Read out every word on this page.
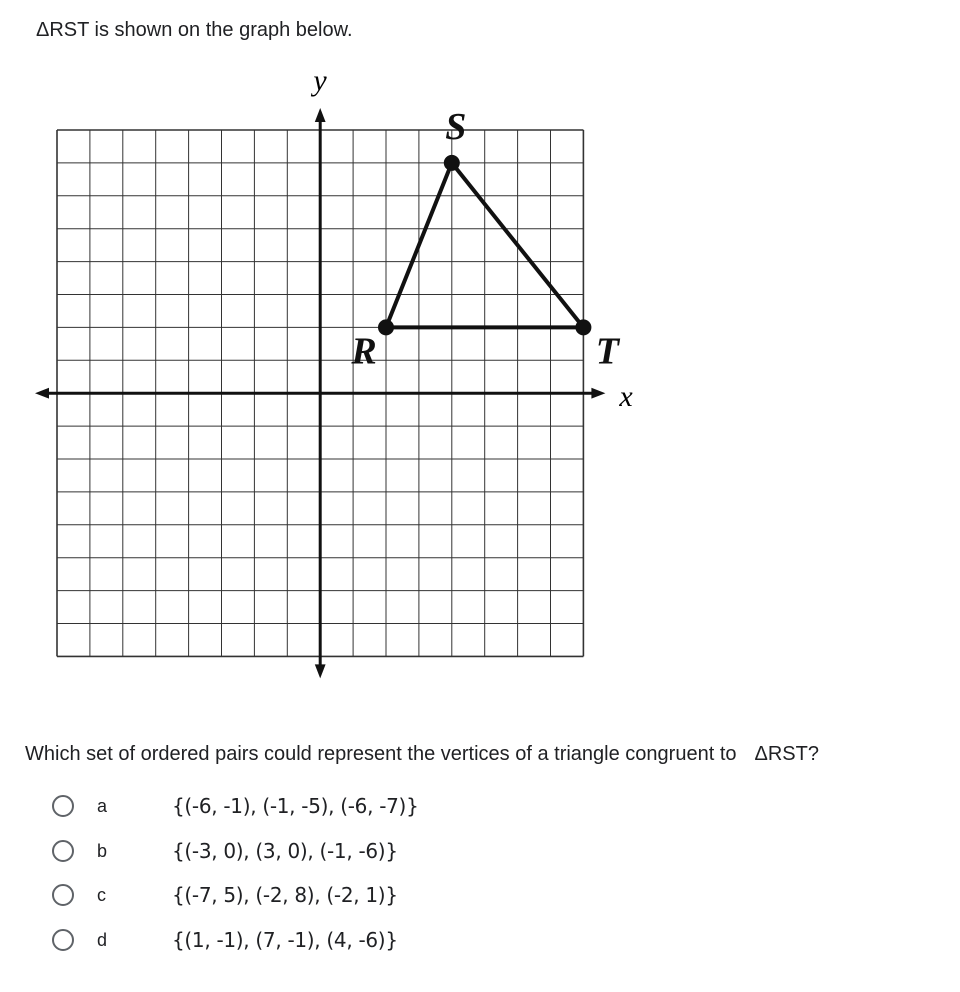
ΔRST is shown on the graph below.
R
S
T
y
x
Which set of ordered pairs could represent the vertices of a triangle congruent to ΔRST?
a	{(-6, -1), (-1, -5), (-6, -7)}
b	{(-3, 0), (3, 0), (-1, -6)}
c	{(-7, 5), (-2, 8), (-2, 1)}
d	{(1, -1), (7, -1), (4, -6)}
